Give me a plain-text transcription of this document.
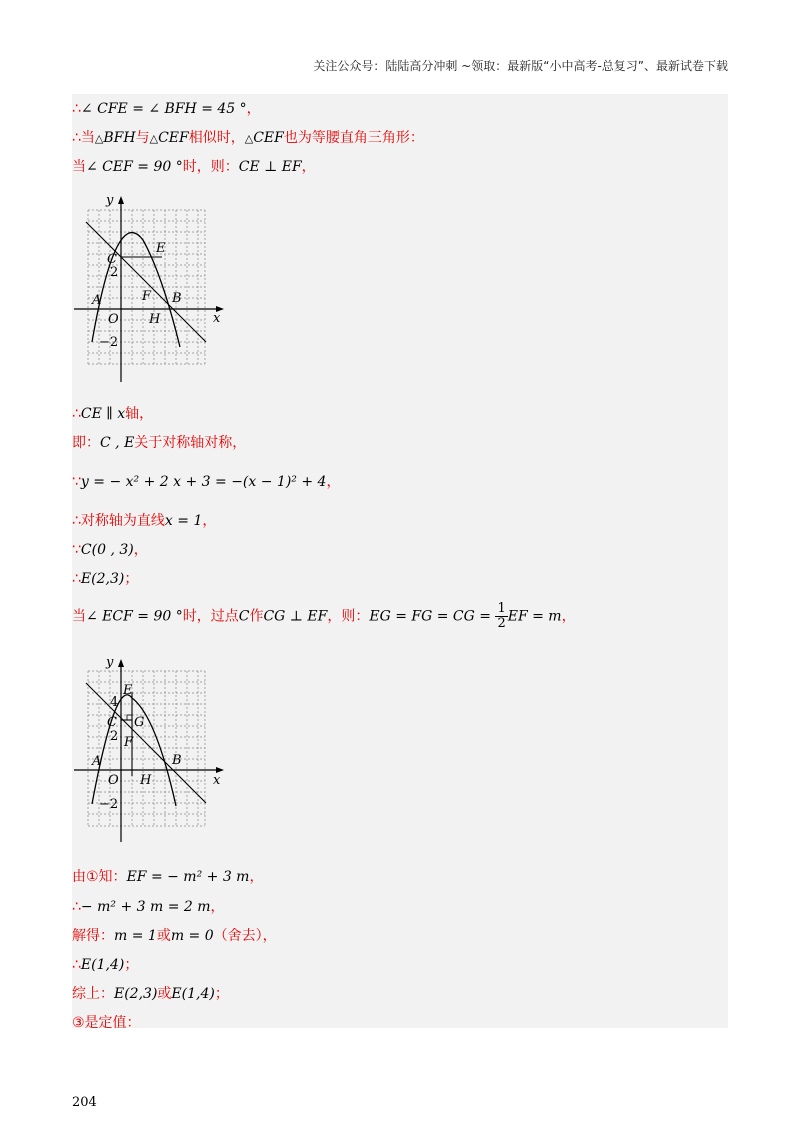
关注公众号：陆陆高分冲刺 ~领取：最新版“小中高考-总复习”、最新试卷下载
∴∠ CFE = ∠ BFH = 45 °，
∴当△BFH与△CEF相似时，△CEF也为等腰直角三角形：
当∠ CEF = 90 °时，则：CE ⊥ EF，
y
x
C
E
2
A	F B
O H
−2
∴CE ∥ x轴，
即：C , E关于对称轴对称，
∵y = − x² + 2 x + 3 = −(x − 1)² + 4，
∴对称轴为直线x = 1，
∵C(0 , 3)，
∴E(2,3)；
当∠ ECF = 90 °时，过点C作CG ⊥ EF，则：EG = FG = CG = $\frac{1}{2}$ EF = m，
y
x
E
4
C G
2 F
A	B
O H
−2
由①知：EF = − m² + 3 m，
∴− m² + 3 m = 2 m，
解得：m = 1或m = 0（舍去），
∴E(1,4)；
综上：E(2,3)或E(1,4)；
③是定值：
204
